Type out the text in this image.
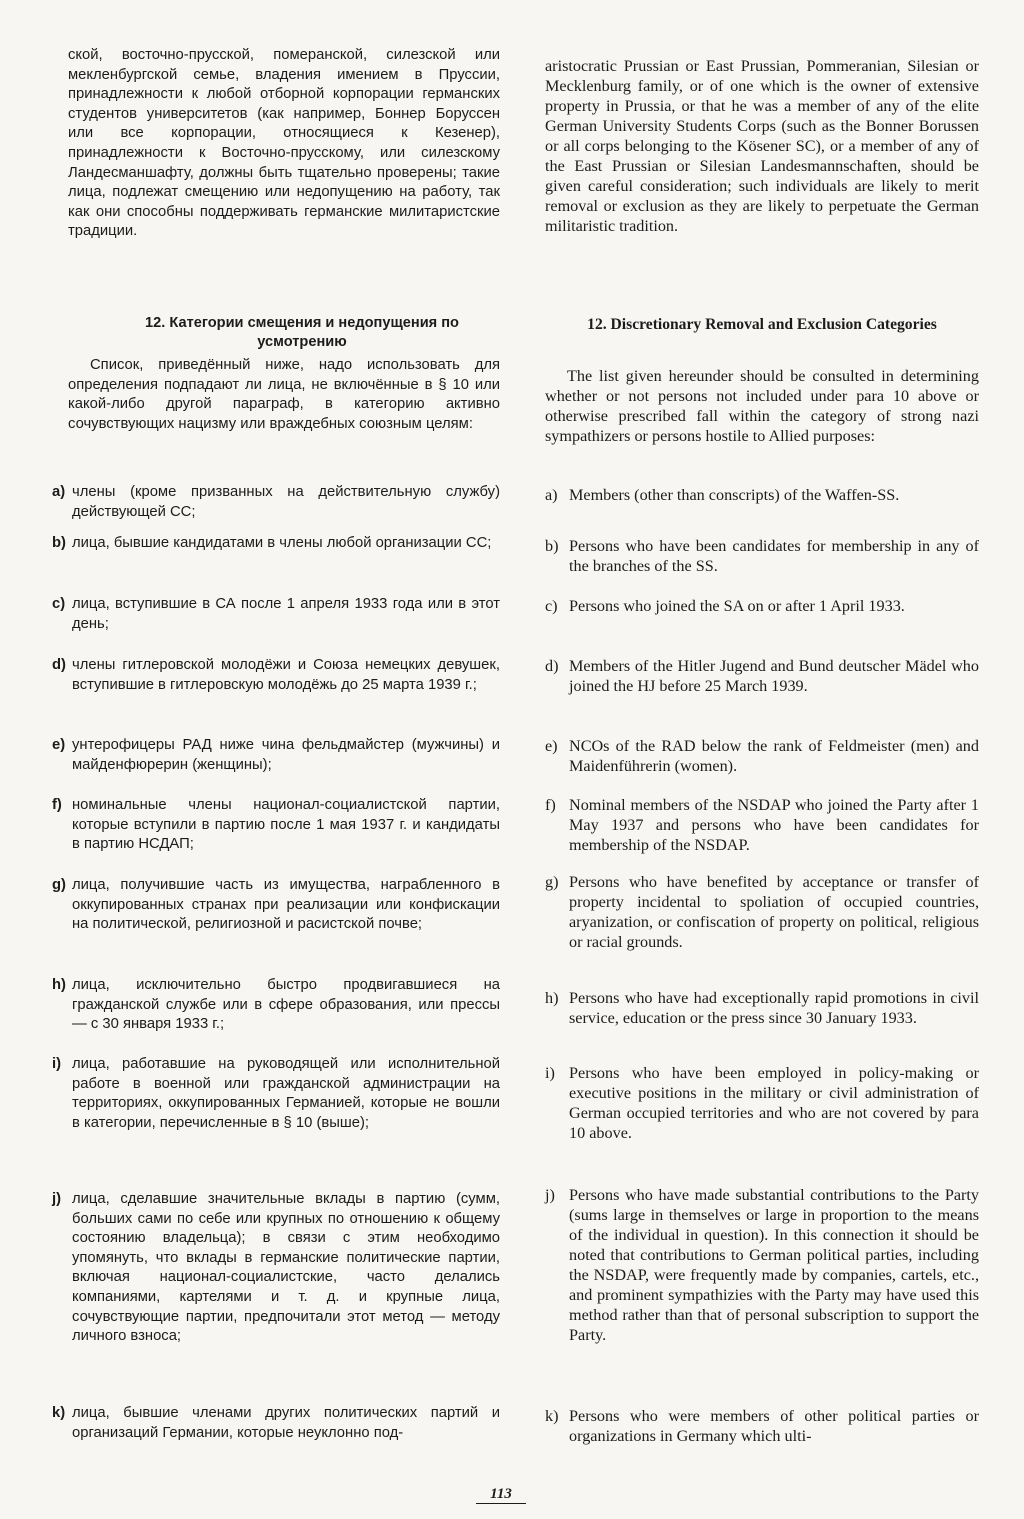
ской, восточно-прусской, померанской, силезской или мекленбургской семье, владения имением в Пруссии, принадлежности к любой отборной корпорации германских студентов университетов (как например, Боннер Боруссен или все корпорации, относящиеся к Кезенер), принадлежности к Восточно-прусскому, или силезскому Ландесманшафту, должны быть тщательно проверены; такие лица, подлежат смещению или недопущению на работу, так как они способны поддерживать германские милитаристские традиции.

12. Категории смещения и недопущения по усмотрению

Список, приведённый ниже, надо использовать для определения подпадают ли лица, не включённые в § 10 или какой-либо другой параграф, в категорию активно сочувствующих нацизму или враждебных союзным целям:

a) члены (кроме призванных на действительную службу) действующей СС;
b) лица, бывшие кандидатами в члены любой организации СС;
c) лица, вступившие в СА после 1 апреля 1933 года или в этот день;
d) члены гитлеровской молодёжи и Союза немецких девушек, вступившие в гитлеровскую молодёжь до 25 марта 1939 г.;
e) унтерофицеры РАД ниже чина фельдмайстер (мужчины) и майденфюрерин (женщины);
f) номинальные члены национал-социалистской партии, которые вступили в партию после 1 мая 1937 г. и кандидаты в партию НСДАП;
g) лица, получившие часть из имущества, награбленного в оккупированных странах при реализации или конфискации на политической, религиозной и расистской почве;
h) лица, исключительно быстро продвигавшиеся на гражданской службе или в сфере образования, или прессы — с 30 января 1933 г.;
i) лица, работавшие на руководящей или исполнительной работе в военной или гражданской администрации на территориях, оккупированных Германией, которые не вошли в категории, перечисленные в § 10 (выше);
j) лица, сделавшие значительные вклады в партию (сумм, больших сами по себе или крупных по отношению к общему состоянию владельца); в связи с этим необходимо упомянуть, что вклады в германские политические партии, включая национал-социалистские, часто делались компаниями, картелями и т. д. и крупные лица, сочувствующие партии, предпочитали этот метод — методу личного взноса;
k) лица, бывшие членами других политических партий и организаций Германии, которые неуклонно под-

aristocratic Prussian or East Prussian, Pommeranian, Silesian or Mecklenburg family, or of one which is the owner of extensive property in Prussia, or that he was a member of any of the elite German University Students Corps (such as the Bonner Borussen or all corps belonging to the Kösener SC), or a member of any of the East Prussian or Silesian Landesmannschaften, should be given careful consideration; such individuals are likely to merit removal or exclusion as they are likely to perpetuate the German militaristic tradition.

12. Discretionary Removal and Exclusion Categories

The list given hereunder should be consulted in determining whether or not persons not included under para 10 above or otherwise prescribed fall within the category of strong nazi sympathizers or persons hostile to Allied purposes:

a) Members (other than conscripts) of the Waffen-SS.
b) Persons who have been candidates for membership in any of the branches of the SS.
c) Persons who joined the SA on or after 1 April 1933.
d) Members of the Hitler Jugend and Bund deutscher Mädel who joined the HJ before 25 March 1939.
e) NCOs of the RAD below the rank of Feldmeister (men) and Maidenführerin (women).
f) Nominal members of the NSDAP who joined the Party after 1 May 1937 and persons who have been candidates for membership of the NSDAP.
g) Persons who have benefited by acceptance or transfer of property incidental to spoliation of occupied countries, aryanization, or confiscation of property on political, religious or racial grounds.
h) Persons who have had exceptionally rapid promotions in civil service, education or the press since 30 January 1933.
i) Persons who have been employed in policy-making or executive positions in the military or civil administration of German occupied territories and who are not covered by para 10 above.
j) Persons who have made substantial contributions to the Party (sums large in themselves or large in proportion to the means of the individual in question). In this connection it should be noted that contributions to German political parties, including the NSDAP, were frequently made by companies, cartels, etc., and prominent sympathizies with the Party may have used this method rather than that of personal subscription to support the Party.
k) Persons who were members of other political parties or organizations in Germany which ulti-
113
